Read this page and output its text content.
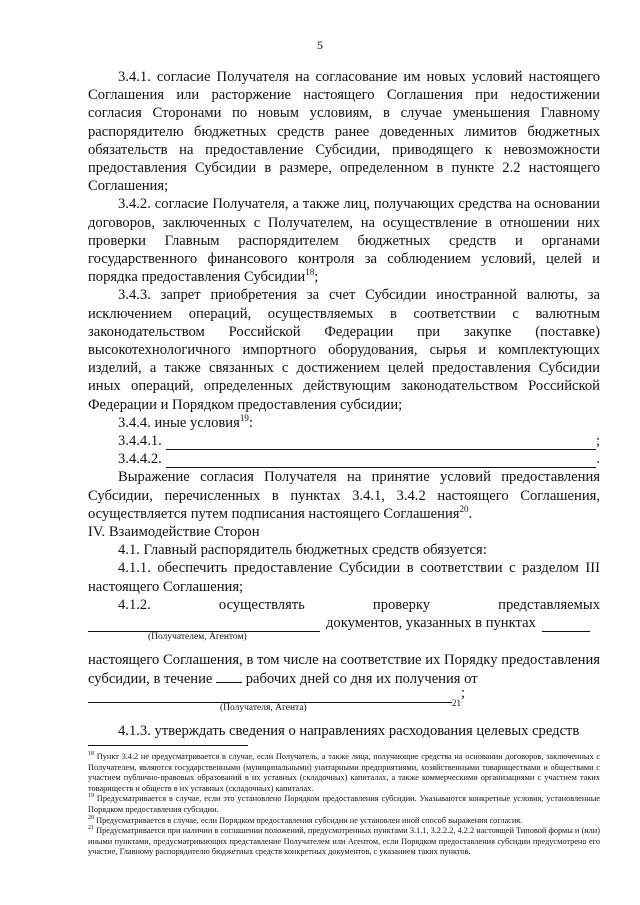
5

3.4.1. согласие Получателя на согласование им новых условий настоящего Соглашения или расторжение настоящего Соглашения при недостижении согласия Сторонами по новым условиям, в случае уменьшения Главному распорядителю бюджетных средств ранее доведенных лимитов бюджетных обязательств на предоставление Субсидии, приводящего к невозможности предоставления Субсидии в размере, определенном в пункте 2.2 настоящего Соглашения;

3.4.2. согласие Получателя, а также лиц, получающих средства на основании договоров, заключенных с Получателем, на осуществление в отношении них проверки Главным распорядителем бюджетных средств и органами государственного финансового контроля за соблюдением условий, целей и порядка предоставления Субсидии$^{18}$;

3.4.3. запрет приобретения за счет Субсидии иностранной валюты, за исключением операций, осуществляемых в соответствии с валютным законодательством Российской Федерации при закупке (поставке) высокотехнологичного импортного оборудования, сырья и комплектующих изделий, а также связанных с достижением целей предоставления Субсидии иных операций, определенных действующим законодательством Российской Федерации и Порядком предоставления субсидии;

3.4.4. иные условия$^{19}$:

3.4.4.1.	;
3.4.4.2.	.

Выражение согласия Получателя на принятие условий предоставления Субсидии, перечисленных в пунктах 3.4.1, 3.4.2 настоящего Соглашения, осуществляется путем подписания настоящего Соглашения$^{20}$.

IV. Взаимодействие Сторон

4.1. Главный распорядитель бюджетных средств обязуется:

4.1.1. обеспечить предоставление Субсидии в соответствии с разделом III настоящего Соглашения;

4.1.2.	осуществлять	проверку	представляемых
документов, указанных в пунктах
(Получателем, Агентом)

настоящего Соглашения, в том числе на соответствие их Порядку предоставления субсидии, в течение рабочих дней со дня их получения от

21
;
(Получателя, Агента)

4.1.3. утверждать сведения о направлениях расходования целевых средств

$^{18}$ Пункт 3.4.2 не предусматривается в случае, если Получатель, а также лица, получающие средства на основании договоров, заключенных с Получателем, являются государственными (муниципальными) унитарными предприятиями, хозяйственными товариществами и обществами с участием публично-правовых образований в их уставных (складочных) капиталах, а также коммерческими организациями с участием таких товариществ и обществ в их уставных (складочных) капиталах.

$^{19}$ Предусматривается в случае, если это установлено Порядком предоставления субсидии. Указываются конкретные условия, установленные Порядком предоставления субсидии.

$^{20}$ Предусматривается в случае, если Порядком предоставления субсидии не установлен иной способ выражения согласия.

$^{21}$ Предусматривается при наличии в соглашении положений, предусмотренных пунктами 3.1.1, 3.2.2.2, 4.2.2 настоящей Типовой формы и (или) иными пунктами, предусматривающих представление Получателем или Агентом, если Порядком предоставления субсидии предусмотрено его участие, Главному распорядителю бюджетных средств конкретных документов, с указанием таких пунктов.
